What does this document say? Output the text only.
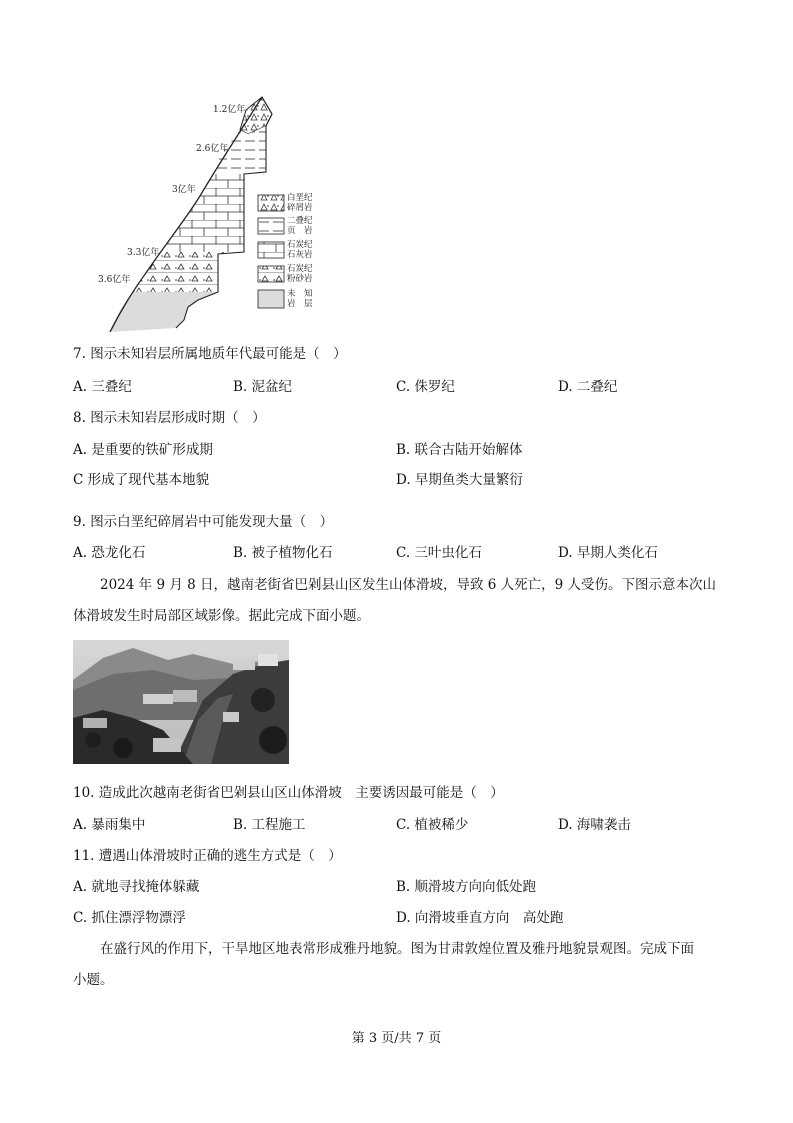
1.2亿年
2.6亿年
3亿年
3.3亿年
3.6亿年
白垩纪
碎屑岩
二叠纪
页　岩
石炭纪
石灰岩
石炭纪
粉砂岩
未　知
岩　层
7. 图示未知岩层所属地质年代最可能是（　）
A. 三叠纪	B. 泥盆纪	C. 侏罗纪	D. 二叠纪
8. 图示未知岩层形成时期（　）
A. 是重要的铁矿形成期	B. 联合古陆开始解体
C 形成了现代基本地貌	D. 早期鱼类大量繁衍
9. 图示白垩纪碎屑岩中可能发现大量（　）
A. 恐龙化石	B. 被子植物化石	C. 三叶虫化石	D. 早期人类化石
2024 年 9 月 8 日，越南老街省巴剁县山区发生山体滑坡，导致 6 人死亡，9 人受伤。下图示意本次山
体滑坡发生时局部区域影像。据此完成下面小题。
10. 造成此次越南老街省巴剁县山区山体滑坡　主要诱因最可能是（　）
A. 暴雨集中	B. 工程施工	C. 植被稀少	D. 海啸袭击
11. 遭遇山体滑坡时正确的逃生方式是（　）
A. 就地寻找掩体躲藏	B. 顺滑坡方向向低处跑
C. 抓住漂浮物漂浮	D. 向滑坡垂直方向　高处跑
在盛行风的作用下，干旱地区地表常形成雅丹地貌。图为甘肃敦煌位置及雅丹地貌景观图。完成下面
小题。
第 3 页/共 7 页
